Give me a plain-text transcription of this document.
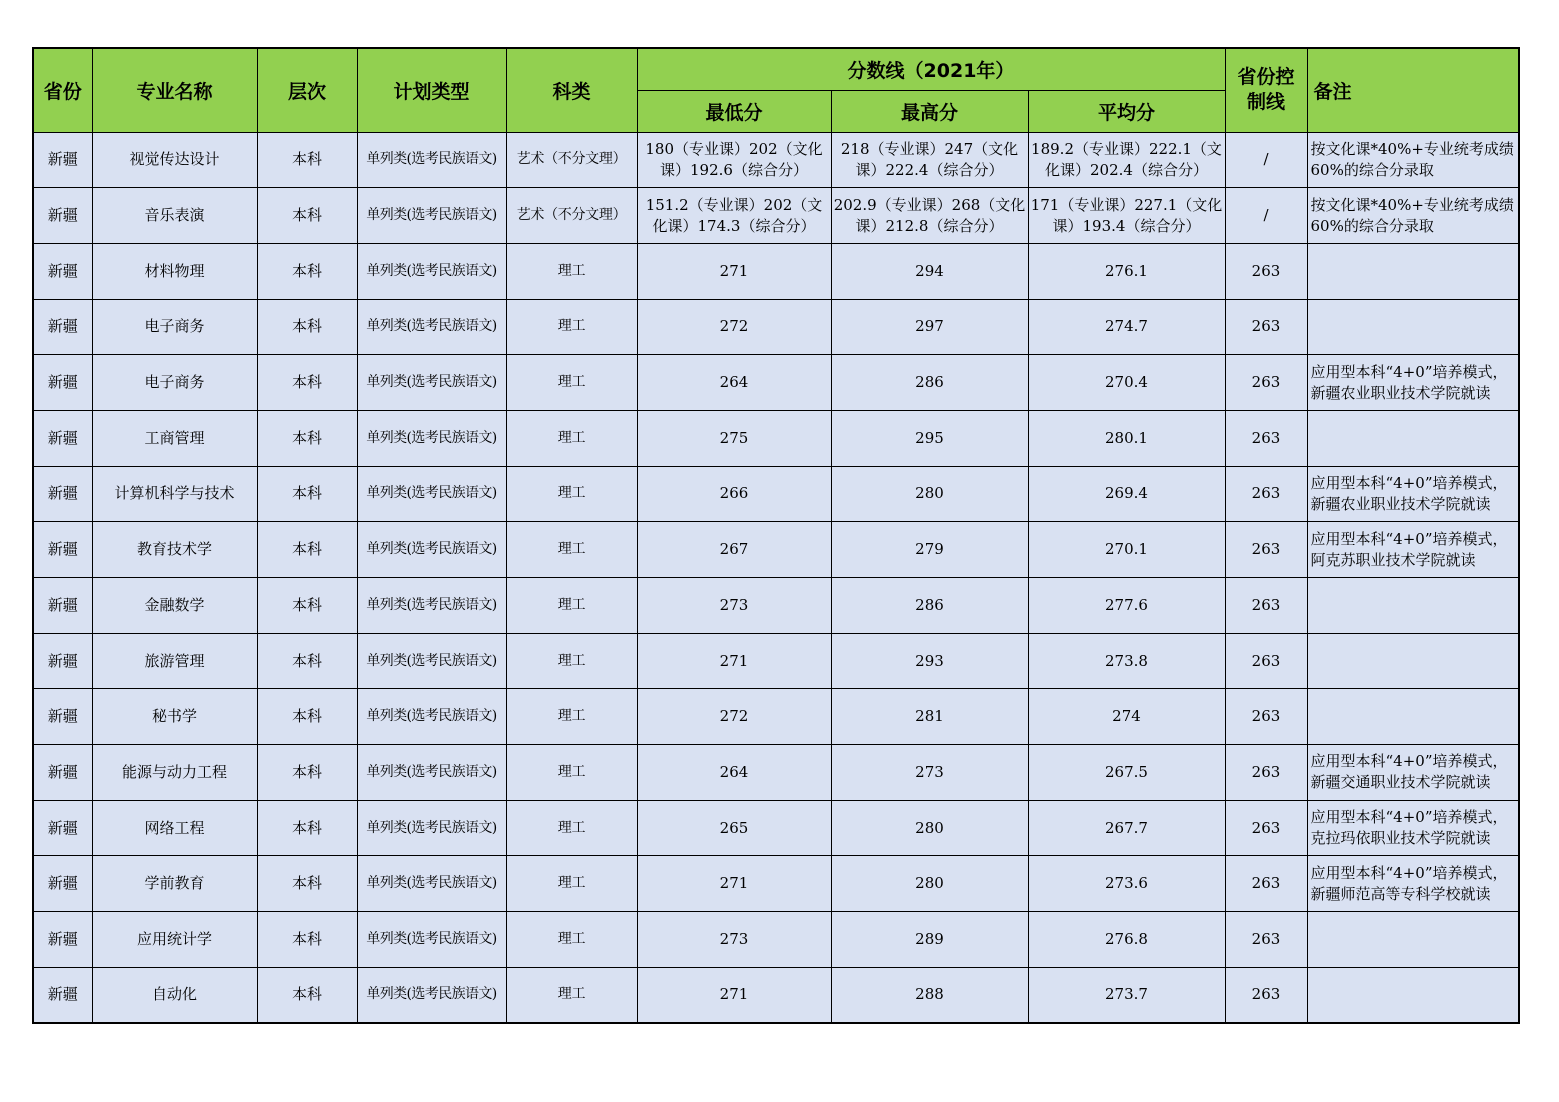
省份	专业名称	层次	计划类型	科类	分数线（2021年）			省份控制线	备注
					最低分	最高分	平均分		

新疆	视觉传达设计	本科	单列类(选考民族语文)	艺术（不分文理）	180（专业课）202（文化课）192.6（综合分）	218（专业课）247（文化课）222.4（综合分）	189.2（专业课）222.1（文化课）202.4（综合分）	/	按文化课*40%+专业统考成绩60%的综合分录取

新疆	音乐表演	本科	单列类(选考民族语文)	艺术（不分文理）	151.2（专业课）202（文化课）174.3（综合分）	202.9（专业课）268（文化课）212.8（综合分）	171（专业课）227.1（文化课）193.4（综合分）	/	按文化课*40%+专业统考成绩60%的综合分录取

新疆	材料物理	本科	单列类(选考民族语文)	理工	271	294	276.1	263	

新疆	电子商务	本科	单列类(选考民族语文)	理工	272	297	274.7	263	

新疆	电子商务	本科	单列类(选考民族语文)	理工	264	286	270.4	263	应用型本科“4+0”培养模式，新疆农业职业技术学院就读

新疆	工商管理	本科	单列类(选考民族语文)	理工	275	295	280.1	263	

新疆	计算机科学与技术	本科	单列类(选考民族语文)	理工	266	280	269.4	263	应用型本科“4+0”培养模式，新疆农业职业技术学院就读

新疆	教育技术学	本科	单列类(选考民族语文)	理工	267	279	270.1	263	应用型本科“4+0”培养模式，阿克苏职业技术学院就读

新疆	金融数学	本科	单列类(选考民族语文)	理工	273	286	277.6	263	

新疆	旅游管理	本科	单列类(选考民族语文)	理工	271	293	273.8	263	

新疆	秘书学	本科	单列类(选考民族语文)	理工	272	281	274	263	

新疆	能源与动力工程	本科	单列类(选考民族语文)	理工	264	273	267.5	263	应用型本科“4+0”培养模式，新疆交通职业技术学院就读

新疆	网络工程	本科	单列类(选考民族语文)	理工	265	280	267.7	263	应用型本科“4+0”培养模式，克拉玛依职业技术学院就读

新疆	学前教育	本科	单列类(选考民族语文)	理工	271	280	273.6	263	应用型本科“4+0”培养模式，新疆师范高等专科学校就读

新疆	应用统计学	本科	单列类(选考民族语文)	理工	273	289	276.8	263	

新疆	自动化	本科	单列类(选考民族语文)	理工	271	288	273.7	263	
